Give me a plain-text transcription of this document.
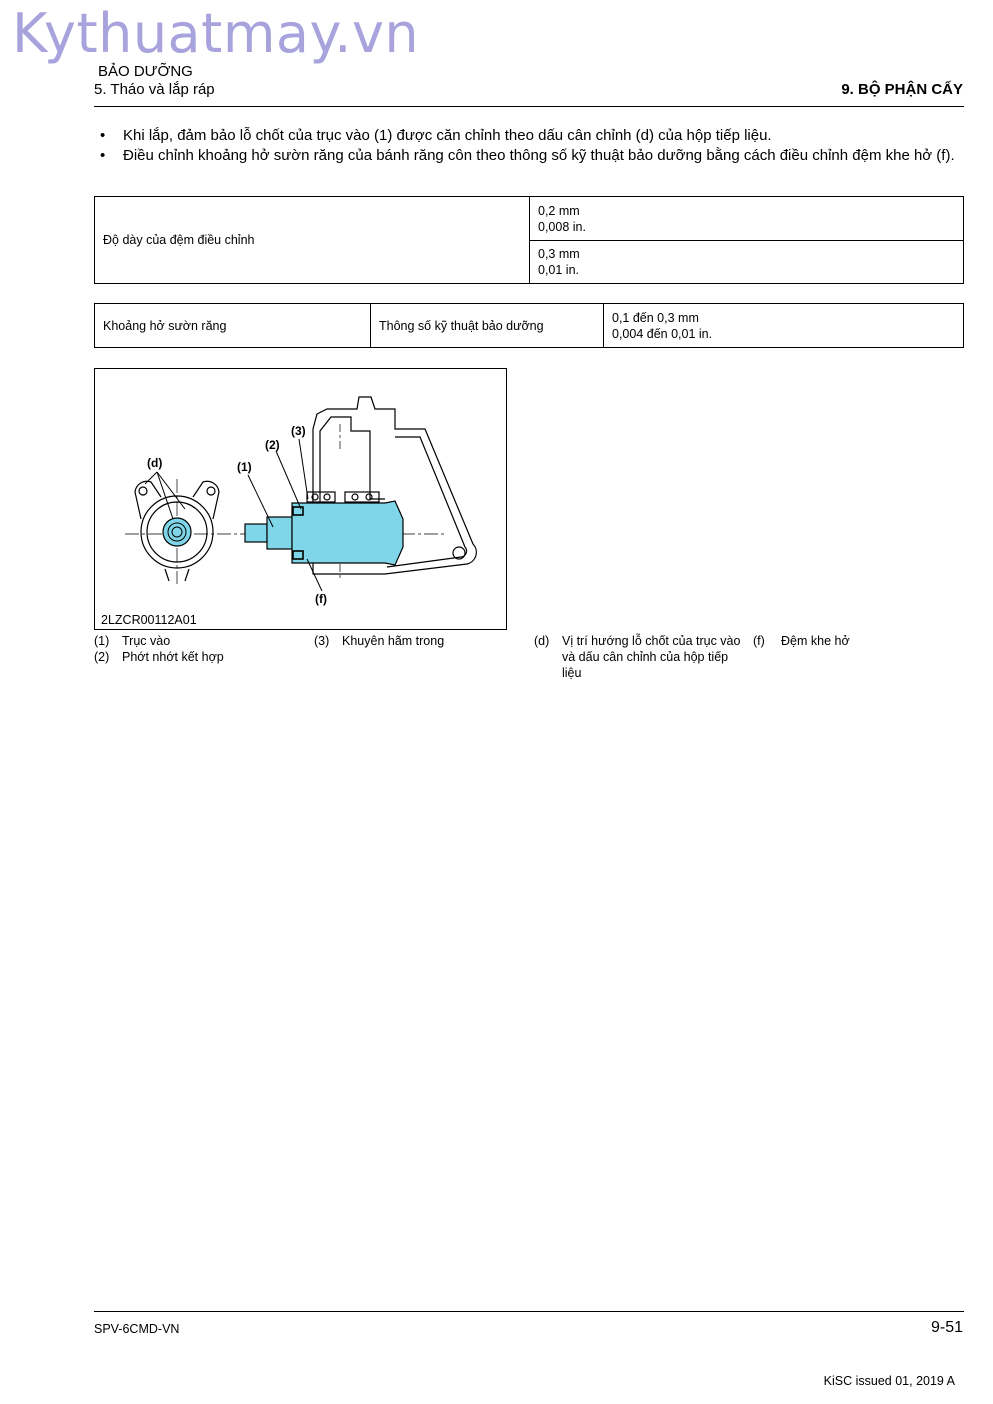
Kythuatmay.vn
BẢO DƯỠNG
5. Tháo và lắp ráp	9. BỘ PHẬN CẤY
• Khi lắp, đảm bảo lỗ chốt của trục vào (1) được căn chỉnh theo dấu cân chỉnh (d) của hộp tiếp liệu.
• Điều chỉnh khoảng hở sườn răng của bánh răng côn theo thông số kỹ thuật bảo dưỡng bằng cách điều chỉnh đệm khe hở (f).
Độ dày của đệm điều chỉnh	
0,2 mm
0,008 in.

0,3 mm
0,01 in.
Khoảng hở sườn răng	Thông số kỹ thuật bảo dưỡng	
0,1 đến 0,3 mm
0,004 đến 0,01 in.
(d)	(1)
(2)
(3)
(f)
2LZCR00112A01
(1) Trục vào
(2) Phớt nhớt kết hợp
(3) Khuyên hãm trong	(d) Vị trí hướng lỗ chốt của trục vào và dấu cân chỉnh của hộp tiếp liệu
(f) Đệm khe hở
SPV-6CMD-VN	9-51
KiSC issued 01, 2019 A
